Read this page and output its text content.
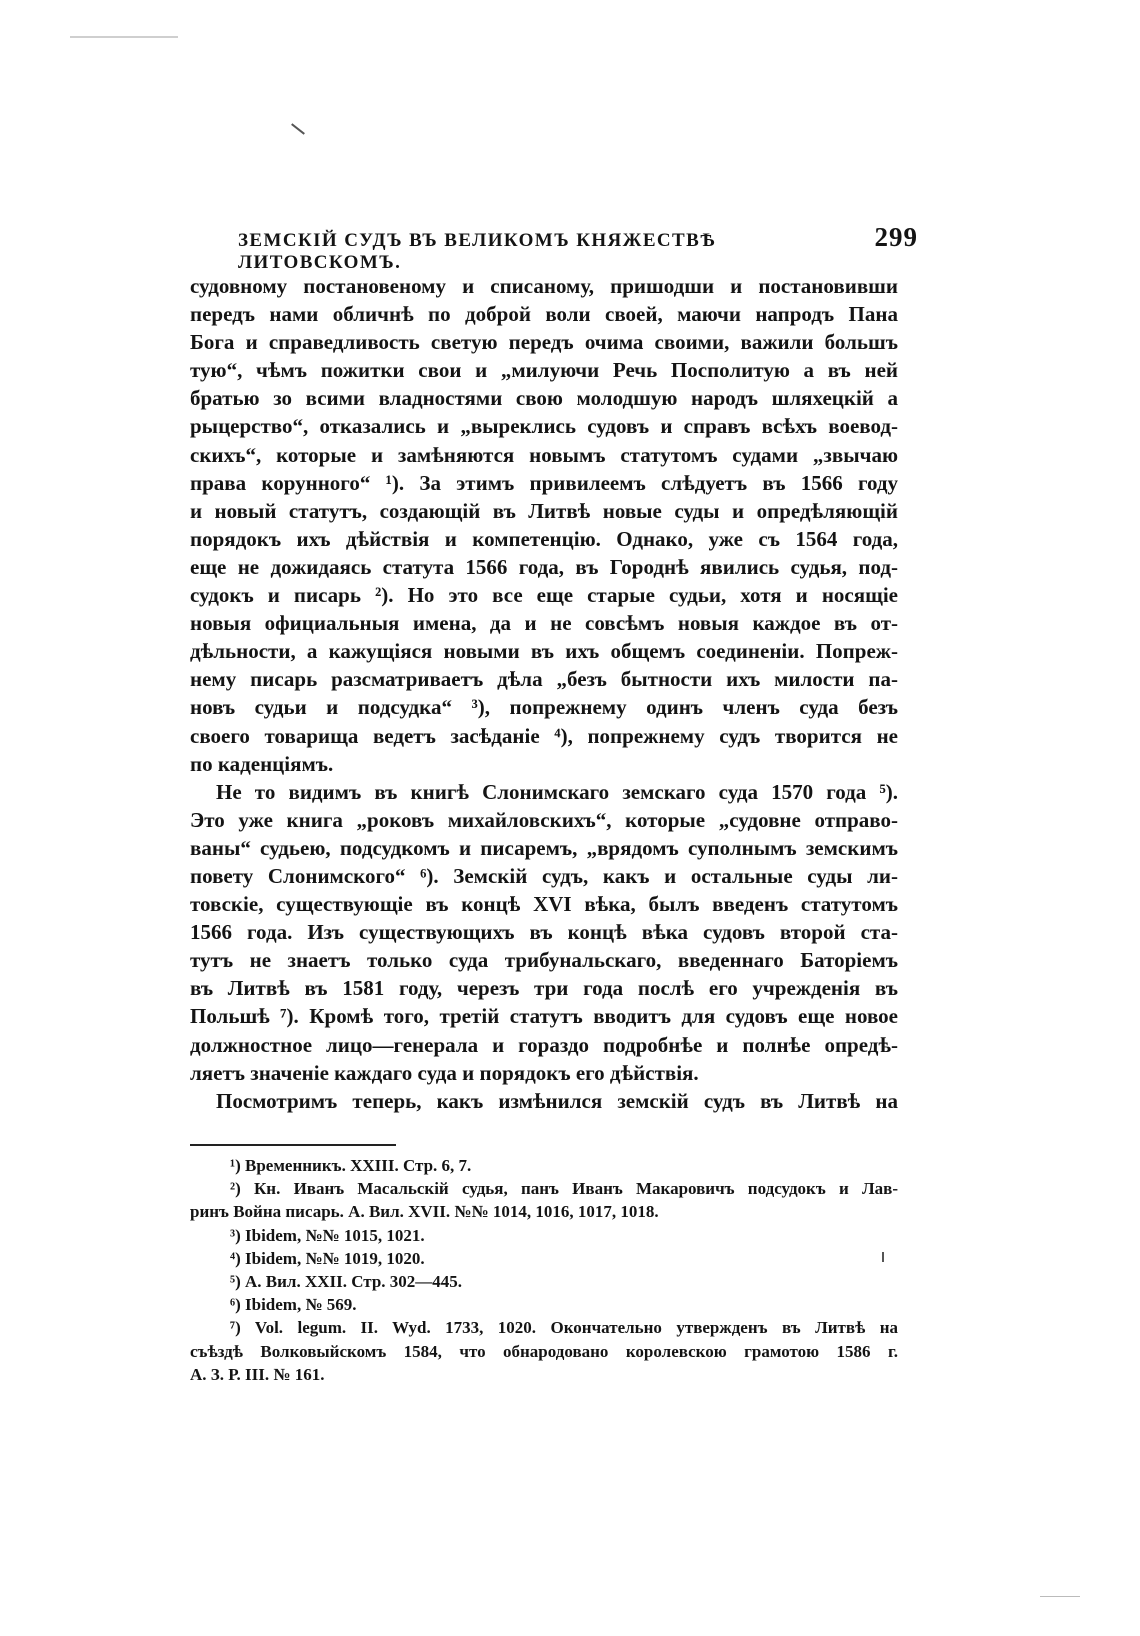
ЗЕМСКІЙ СУДЪ ВЪ ВЕЛИКОМЪ КНЯЖЕСТВѢ ЛИТОВСКОМЪ.
299
судовному постановеному и списаному, пришодши и постановивши
передъ нами обличнѣ по доброй воли своей, маючи напродъ Пана
Бога и справедливость светую передъ очима своими, важили большъ
тую“, чѣмъ пожитки свои и „милуючи Речь Посполитую а въ ней
братью зо всими владностями свою молодшую народъ шляхецкій а
рыцерство“, отказались и „выреклись судовъ и справъ всѣхъ воевод-
скихъ“, которые и замѣняются новымъ статутомъ судами „звычаю
права корунного“ ¹). За этимъ привилеемъ слѣдуетъ въ 1566 году
и новый статутъ, создающій въ Литвѣ новые суды и опредѣляющій
порядокъ ихъ дѣйствія и компетенцію. Однако, уже съ 1564 года,
еще не дожидаясь статута 1566 года, въ Городнѣ явились судья, под-
судокъ и писарь ²). Но это все еще старые судьи, хотя и носящіе
новыя официальныя имена, да и не совсѣмъ новыя каждое въ от-
дѣльности, а кажущіяся новыми въ ихъ общемъ соединеніи. Попреж-
нему писарь разсматриваетъ дѣла „безъ бытности ихъ милости па-
новъ судьи и подсудка“ ³), попрежнему одинъ членъ суда безъ
своего товарища ведетъ засѣданіе ⁴), попрежнему судъ творится не
по каденціямъ.
Не то видимъ въ книгѣ Слонимскаго земскаго суда 1570 года ⁵).
Это уже книга „роковъ михайловскихъ“, которые „судовне отправо-
ваны“ судьею, подсудкомъ и писаремъ, „врядомъ суполнымъ земскимъ
повету Слонимского“ ⁶). Земскій судъ, какъ и остальные суды ли-
товскіе, существующіе въ концѣ XVI вѣка, былъ введенъ статутомъ
1566 года. Изъ существующихъ въ концѣ вѣка судовъ второй ста-
тутъ не знаетъ только суда трибунальскаго, введеннаго Баторіемъ
въ Литвѣ въ 1581 году, черезъ три года послѣ его учрежденія въ
Польшѣ ⁷). Кромѣ того, третій статутъ вводитъ для судовъ еще новое
должностное лицо—генерала и гораздо подробнѣе и полнѣе опредѣ-
ляетъ значеніе каждаго суда и порядокъ его дѣйствія.
Посмотримъ теперь, какъ измѣнился земскій судъ въ Литвѣ на
¹) Временникъ. XXIII. Стр. 6, 7.
²) Кн. Иванъ Масальскій судья, панъ Иванъ Макаровичъ подсудокъ и Лав-
ринъ Война писарь. А. Вил. XVII. №№ 1014, 1016, 1017, 1018.
³) Ibidem, №№ 1015, 1021.
⁴) Ibidem, №№ 1019, 1020.
⁵) А. Вил. XXII. Стр. 302—445.
⁶) Ibidem, № 569.
⁷) Vol. legum. II. Wyd. 1733, 1020. Окончательно утвержденъ въ Литвѣ на
съѣздѣ Волковыйскомъ 1584, что обнародовано королевскою грамотою 1586 г.
А. З. Р. III. № 161.
